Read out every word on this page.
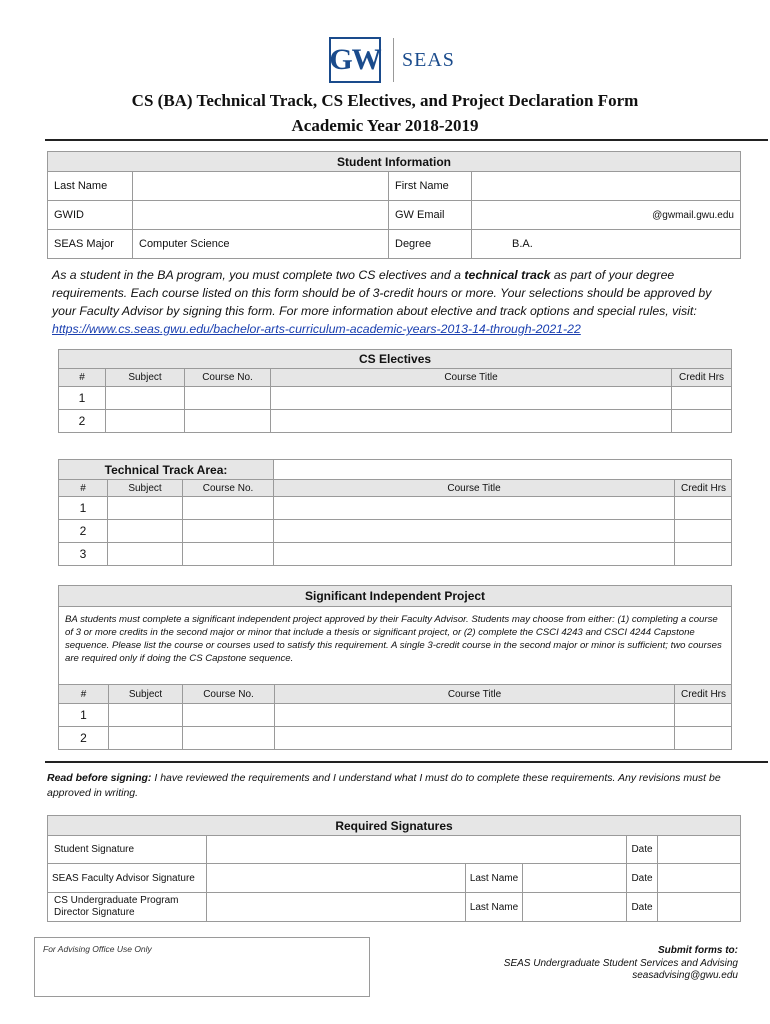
GW SEAS
CS (BA) Technical Track, CS Electives, and Project Declaration Form
Academic Year 2018-2019
Student Information			
Last Name		First Name	
GWID		GW Email	@gwmail.gwu.edu
SEAS Major	Computer Science	Degree	B.A.
As a student in the BA program, you must complete two CS electives and a technical track as part of your degree requirements. Each course listed on this form should be of 3-credit hours or more. Your selections should be approved by your Faculty Advisor by signing this form. For more information about elective and track options and special rules, visit: https://www.cs.seas.gwu.edu/bachelor-arts-curriculum-academic-years-2013-14-through-2021-22
CS Electives				
#	Subject	Course No.	Course Title	Credit Hrs
1				
2				
Technical Track Area:				
#	Subject	Course No.	Course Title	Credit Hrs
1				
2				
3				
Significant Independent Project				
BA students must complete a significant independent project approved by their Faculty Advisor. Students may choose from either: (1) completing a course of 3 or more credits in the second major or minor that include a thesis or significant project, or (2) complete the CSCI 4243 and CSCI 4244 Capstone sequence. Please list the course or courses used to satisfy this requirement. A single 3-credit course in the second major or minor is sufficient; two courses are required only if doing the CS Capstone sequence.				
#	Subject	Course No.	Course Title	Credit Hrs
1				
2				
Read before signing: I have reviewed the requirements and I understand what I must do to complete these requirements. Any revisions must be approved in writing.
Required Signatures					
Student Signature				Date	
SEAS Faculty Advisor Signature		Last Name		Date	
CS Undergraduate Program Director Signature		Last Name		Date	
For Advising Office Use Only	Submit forms to:
SEAS Undergraduate Student Services and Advising
seasadvising@gwu.edu
